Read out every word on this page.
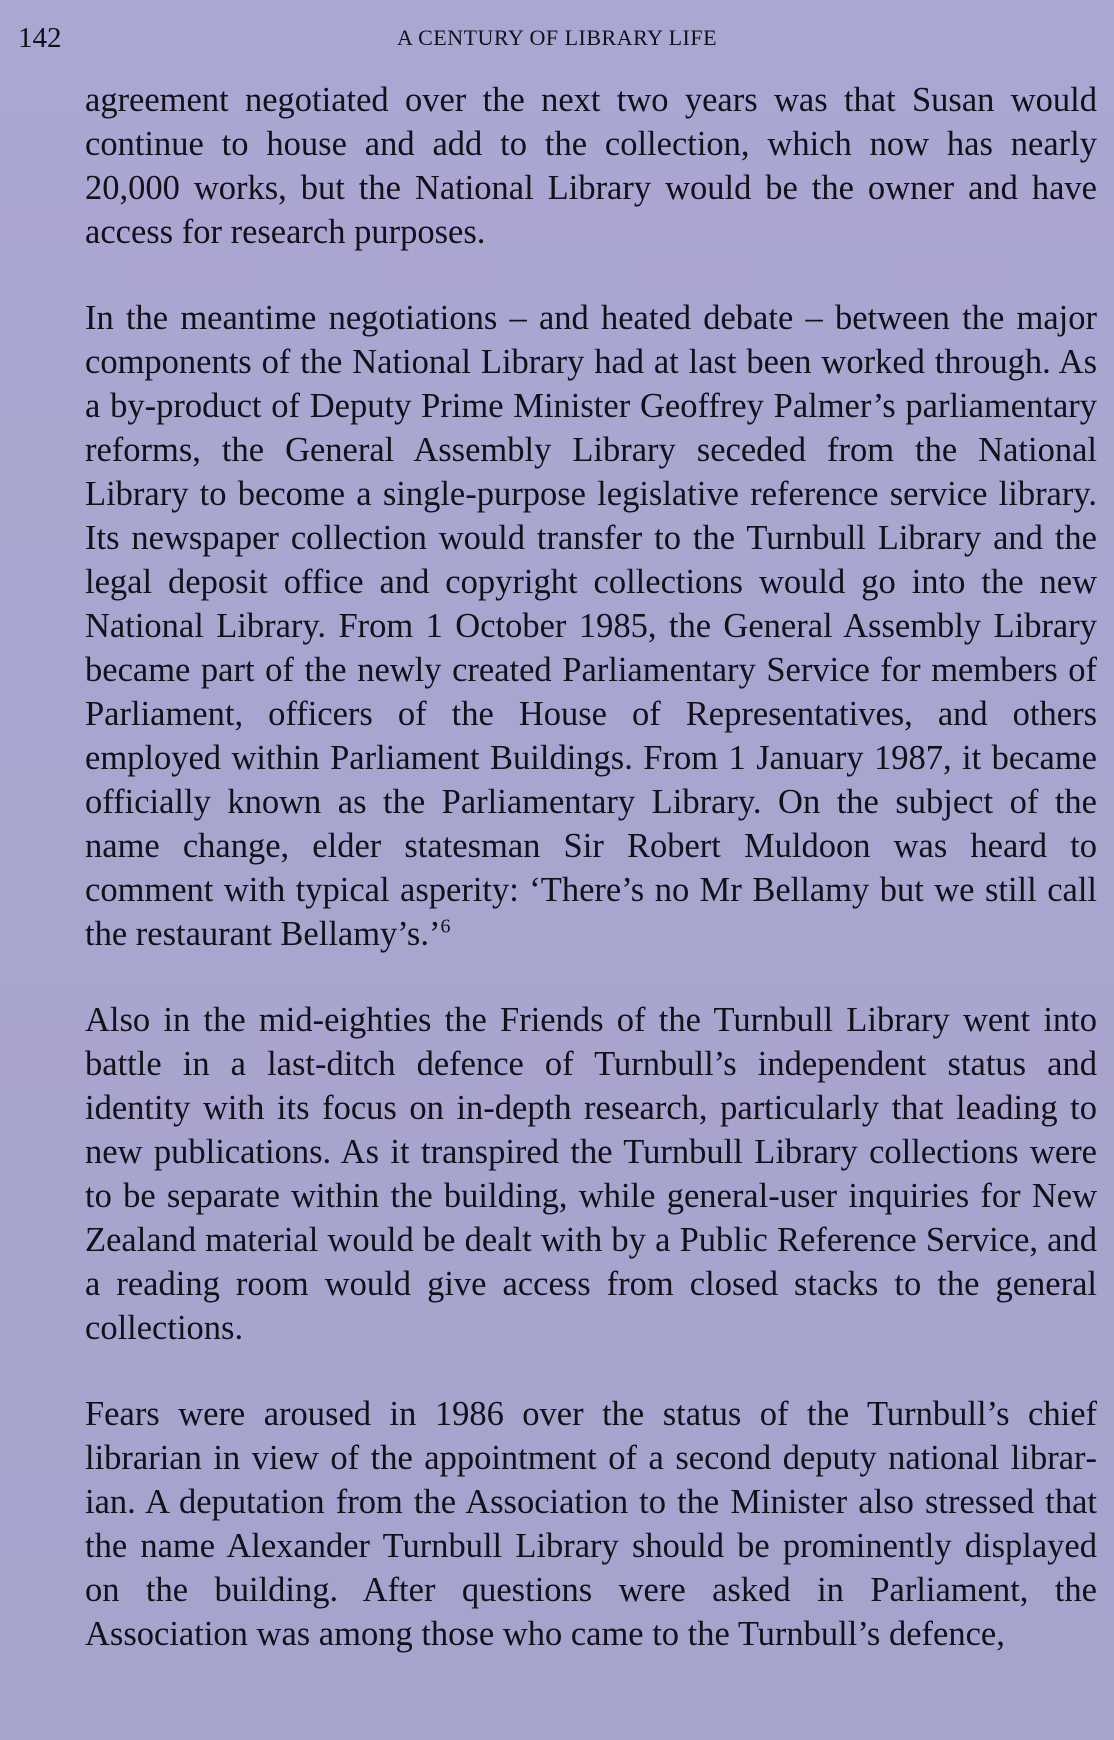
142	A CENTURY OF LIBRARY LIFE

agreement negotiated over the next two years was that Susan would continue to house and add to the collection, which now has nearly 20,000 works, but the National Library would be the owner and have access for research purposes.

In the meantime negotiations – and heated debate – between the major components of the National Library had at last been worked through. As a by-product of Deputy Prime Minister Geoffrey Palmer’s parliamentary reforms, the General Assembly Library seceded from the National Library to become a single-purpose legislative reference service library. Its newspaper collection would transfer to the Turnbull Library and the legal deposit office and copyright collections would go into the new National Library. From 1 October 1985, the General Assembly Library became part of the newly created Parliamentary Service for members of Parliament, officers of the House of Representatives, and others employed within Parliament Buildings. From 1 January 1987, it became officially known as the Parliamentary Library. On the subject of the name change, elder statesman Sir Robert Muldoon was heard to comment with typical asperity: ‘There’s no Mr Bellamy but we still call the restaurant Bellamy’s.’$^6$

Also in the mid-eighties the Friends of the Turnbull Library went into battle in a last-ditch defence of Turnbull’s independent status and identity with its focus on in-depth research, particularly that leading to new publications. As it transpired the Turnbull Library collections were to be separate within the building, while general-user inquiries for New Zealand material would be dealt with by a Public Reference Service, and a reading room would give access from closed stacks to the general collections.

Fears were aroused in 1986 over the status of the Turnbull’s chief librarian in view of the appointment of a second deputy national librarian. A deputation from the Association to the Minister also stressed that the name Alexander Turnbull Library should be prominently displayed on the building. After questions were asked in Parliament, the Association was among those who came to the Turnbull’s defence,
